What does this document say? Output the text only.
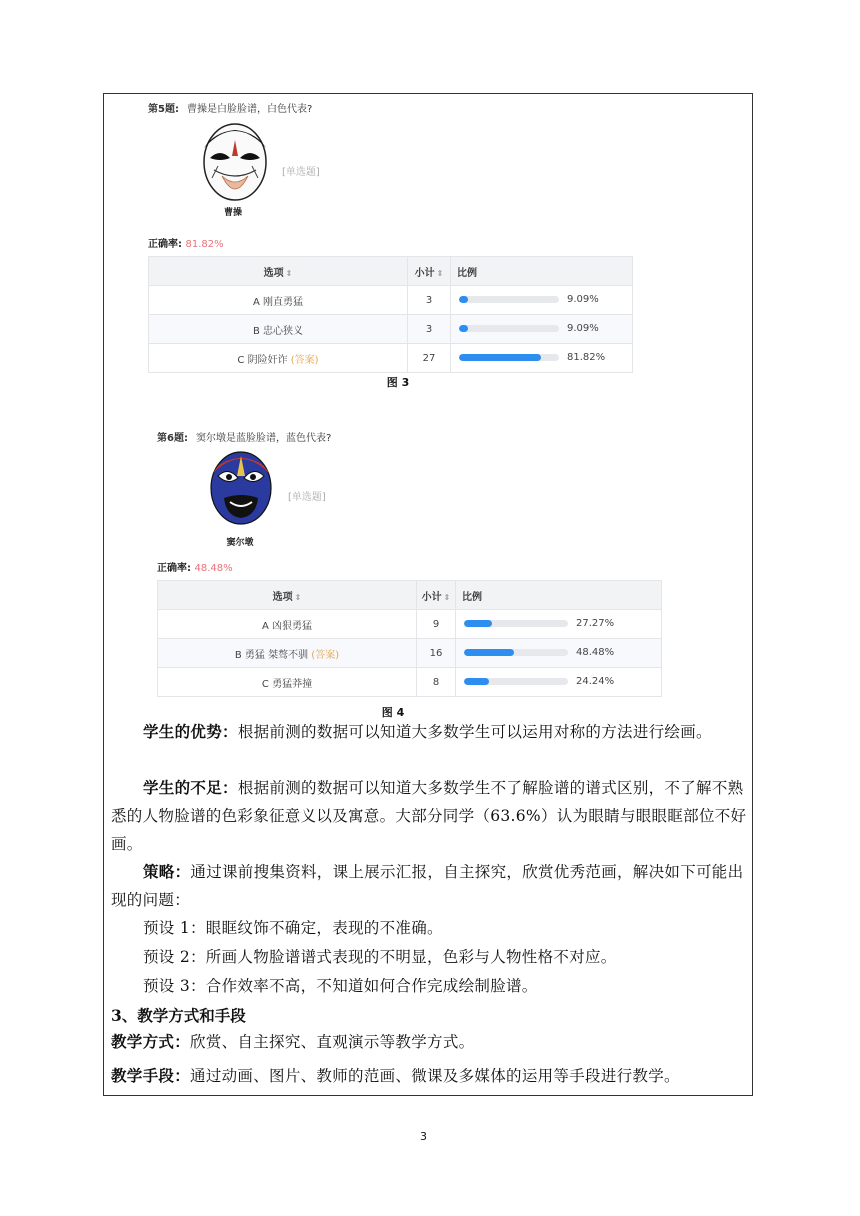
第5题: 曹操是白脸脸谱，白色代表?
[单选题]
曹操
正确率: 81.82%
选项 ⇕	小计 ⇕	比例
A 刚直勇猛	3	9.09%
B 忠心狭义	3	9.09%
C 阴险奸诈 (答案)	27	81.82%
图 3
第6题: 窦尔墩是蓝脸脸谱，蓝色代表?
[单选题]
窦尔墩
正确率: 48.48%
选项 ⇕	小计 ⇕	比例
A 凶狠勇猛	9	27.27%
B 勇猛 桀骜不驯 (答案)	16	48.48%
C 勇猛莽撞	8	24.24%
图 4
学生的优势：根据前测的数据可以知道大多数学生可以运用对称的方法进行绘画。
学生的不足：根据前测的数据可以知道大多数学生不了解脸谱的谱式区别，不了解不熟悉的人物脸谱的色彩象征意义以及寓意。大部分同学（63.6%）认为眼睛与眼眼眶部位不好画。
策略：通过课前搜集资料，课上展示汇报，自主探究，欣赏优秀范画，解决如下可能出现的问题：
预设 1：眼眶纹饰不确定，表现的不准确。
预设 2：所画人物脸谱谱式表现的不明显，色彩与人物性格不对应。
预设 3：合作效率不高，不知道如何合作完成绘制脸谱。
3、教学方式和手段
教学方式：欣赏、自主探究、直观演示等教学方式。
教学手段：通过动画、图片、教师的范画、微课及多媒体的运用等手段进行教学。
3
